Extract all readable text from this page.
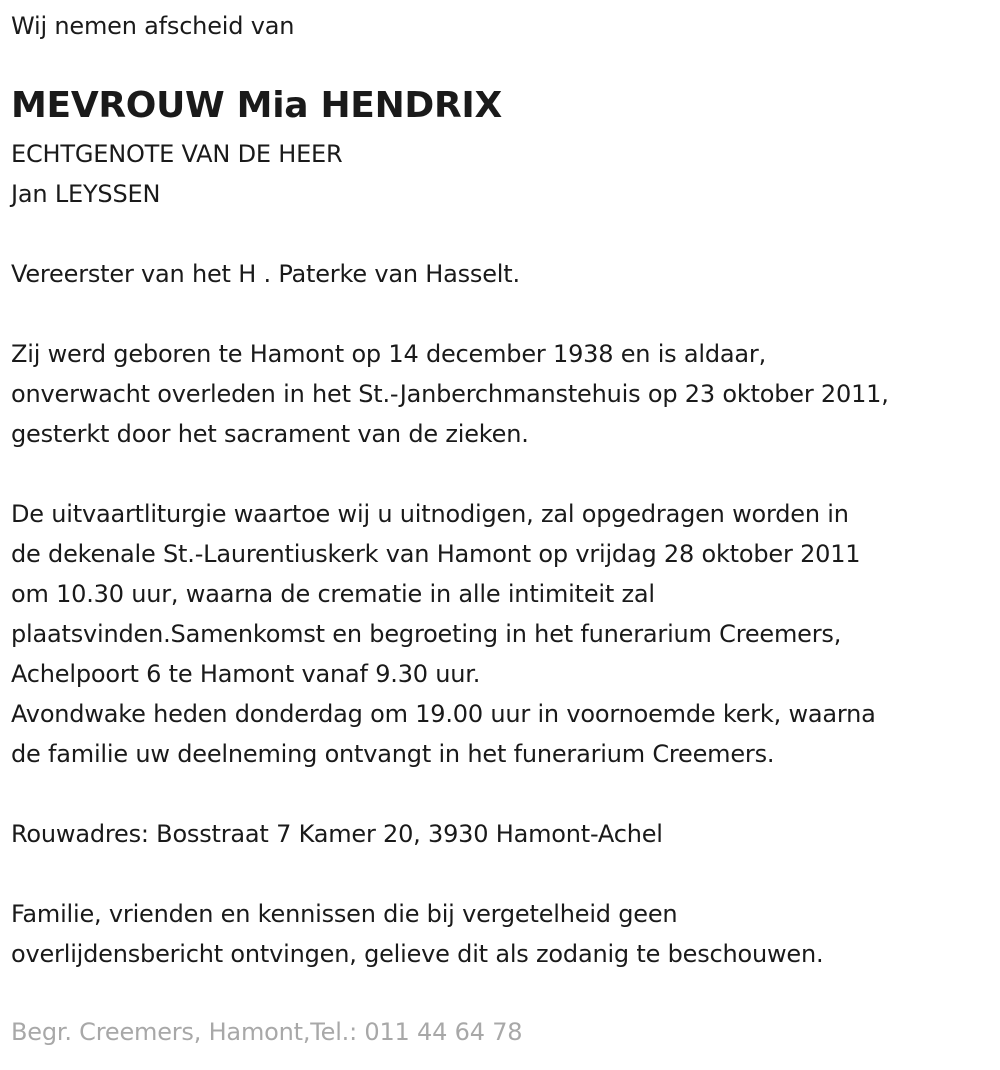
Wij nemen afscheid van
MEVROUW Mia HENDRIX
ECHTGENOTE VAN DE HEER
Jan LEYSSEN
Vereerster van het H . Paterke van Hasselt.
Zij werd geboren te Hamont op 14 december 1938 en is aldaar,
onverwacht overleden in het St.-Janberchmanstehuis op 23 oktober 2011,
gesterkt door het sacrament van de zieken.
De uitvaartliturgie waartoe wij u uitnodigen, zal opgedragen worden in
de dekenale St.-Laurentiuskerk van Hamont op vrijdag 28 oktober 2011
om 10.30 uur, waarna de crematie in alle intimiteit zal
plaatsvinden.Samenkomst en begroeting in het funerarium Creemers,
Achelpoort 6 te Hamont vanaf 9.30 uur.
Avondwake heden donderdag om 19.00 uur in voornoemde kerk, waarna
de familie uw deelneming ontvangt in het funerarium Creemers.
Rouwadres: Bosstraat 7 Kamer 20, 3930 Hamont-Achel
Familie, vrienden en kennissen die bij vergetelheid geen
overlijdensbericht ontvingen, gelieve dit als zodanig te beschouwen.
Begr. Creemers, Hamont,Tel.: 011 44 64 78
